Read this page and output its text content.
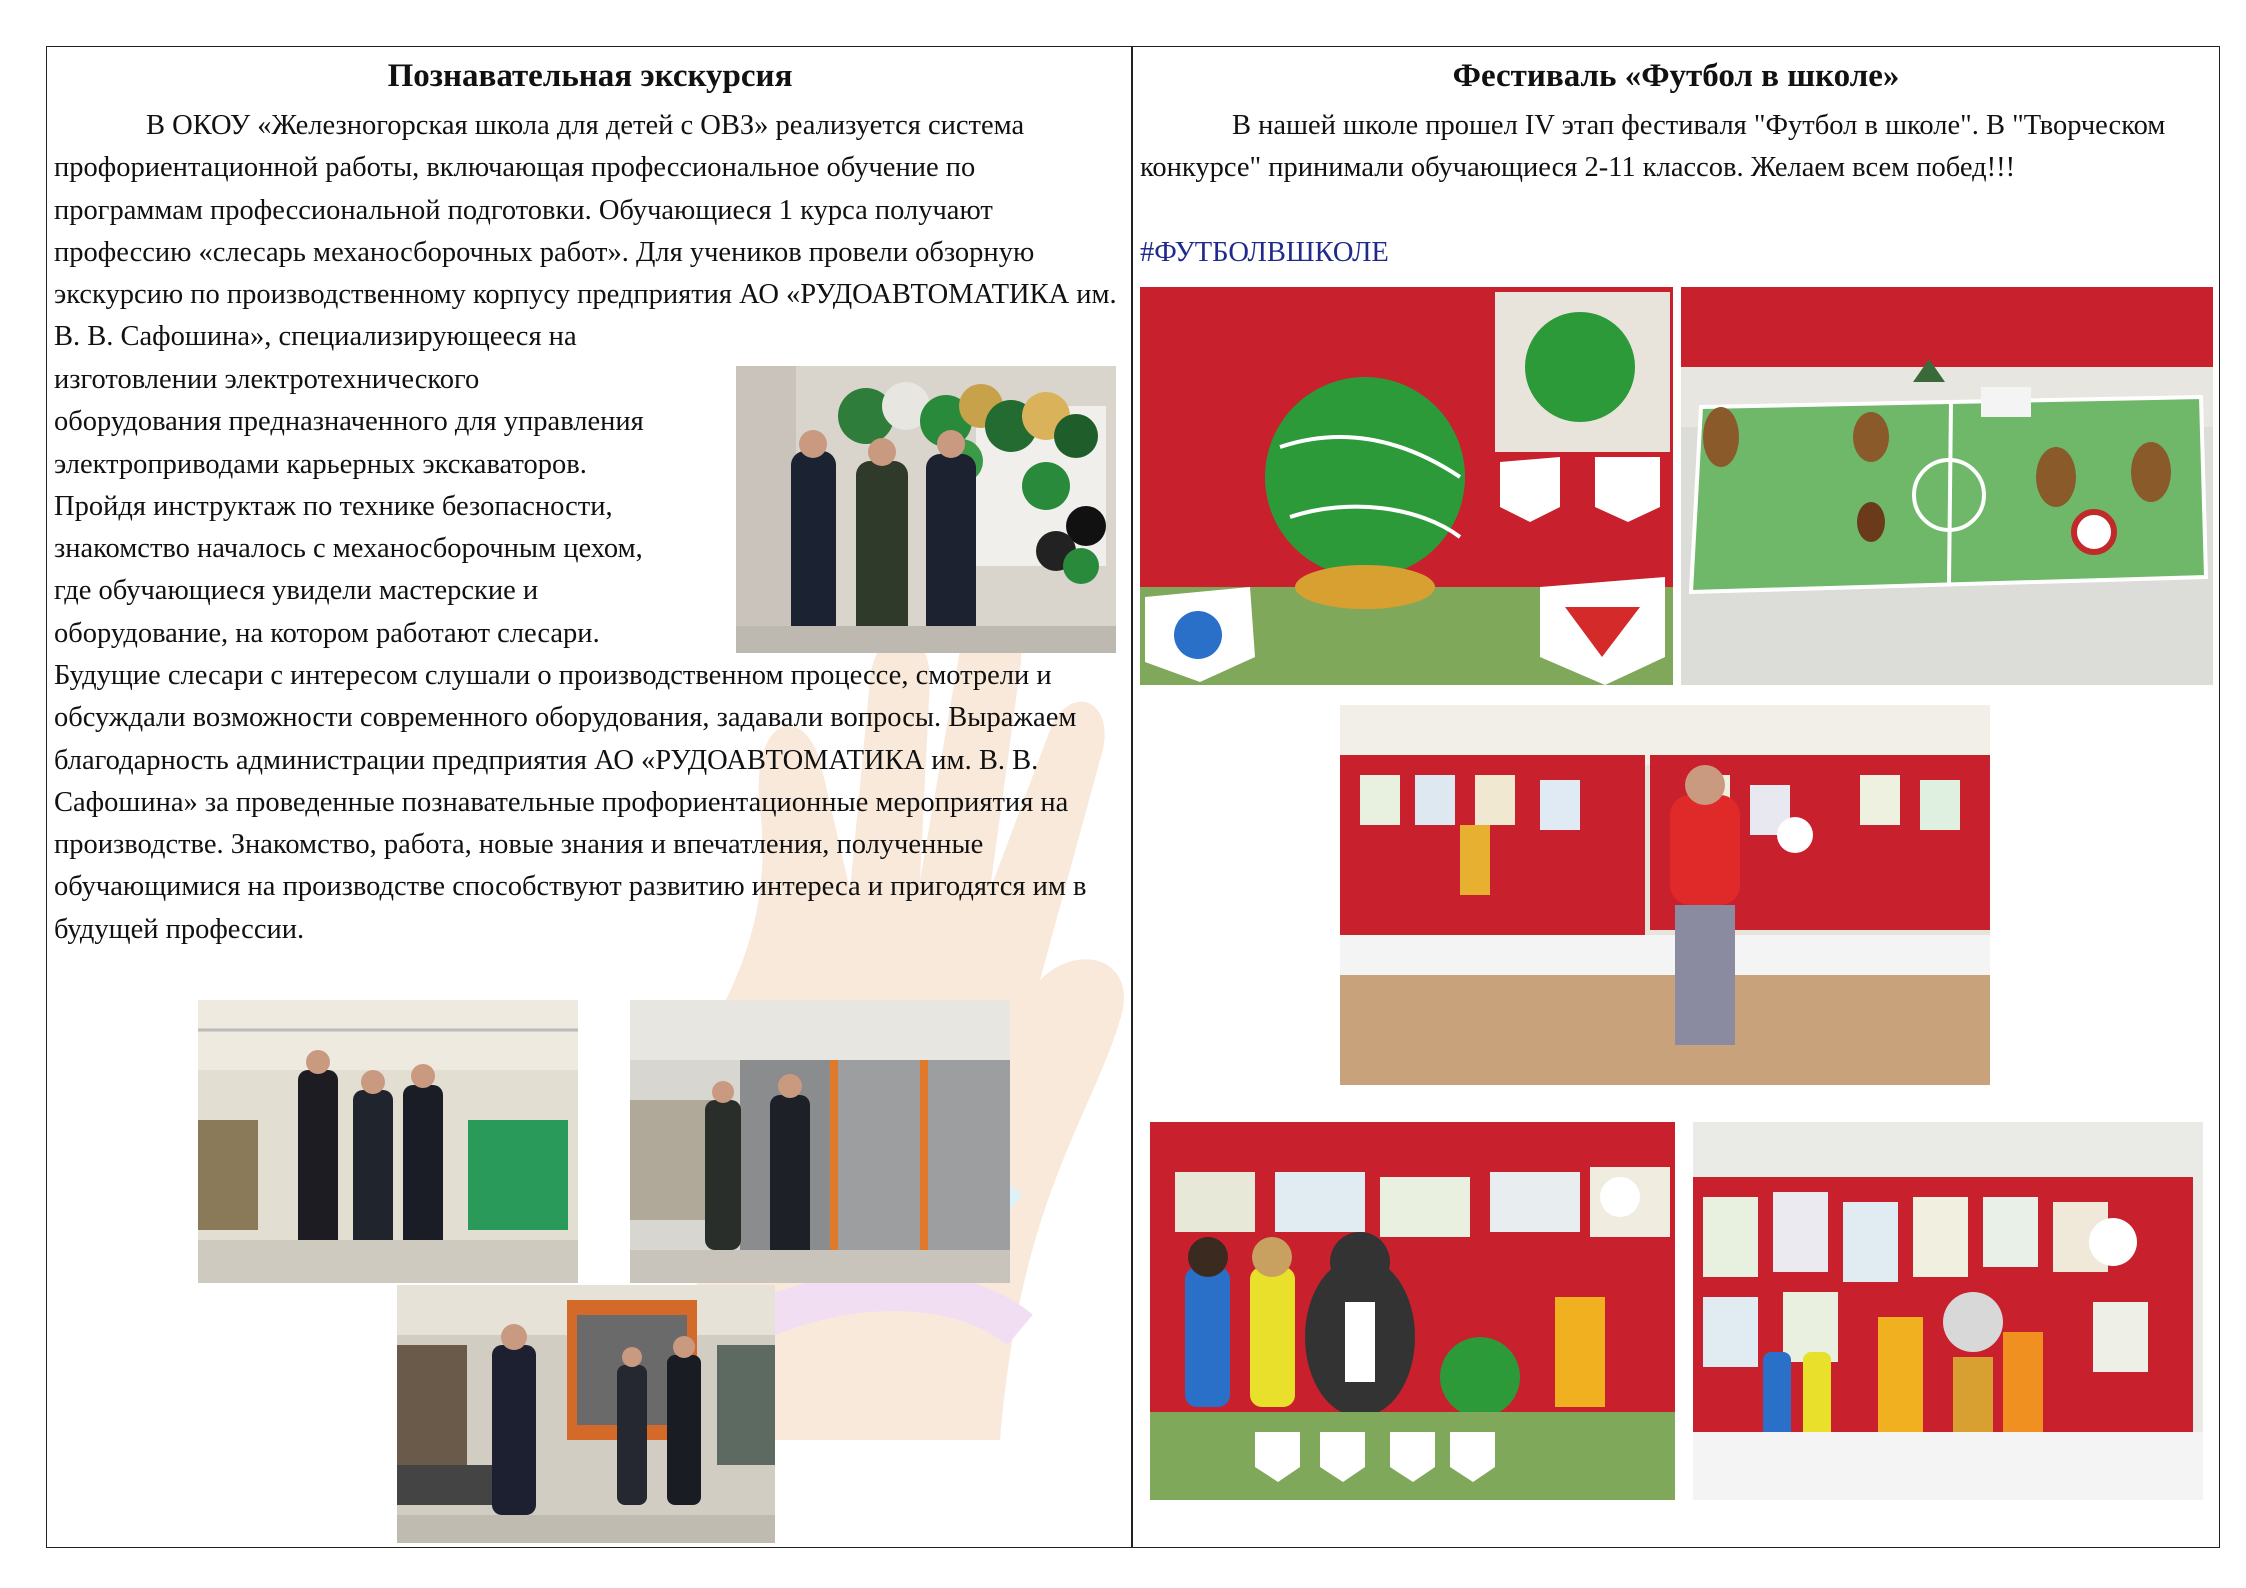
Познавательная экскурсия
В ОКОУ «Железногорская школа для детей с ОВЗ» реализуется система профориентационной работы, включающая профессиональное обучение по программам профессиональной подготовки. Обучающиеся 1 курса получают профессию «слесарь механосборочных работ». Для учеников провели обзорную экскурсию по производственному корпусу предприятия АО «РУДОАВТОМАТИКА им. В. В. Сафошина», специализирующееся на
изготовлении электротехнического
оборудования предназначенного для управления
электроприводами карьерных экскаваторов.
Пройдя инструктаж по технике безопасности,
знакомство началось с механосборочным цехом,
где обучающиеся увидели мастерские и
оборудование, на котором работают слесари.
Будущие слесари с интересом слушали о производственном процессе, смотрели и обсуждали возможности современного оборудования, задавали вопросы. Выражаем благодарность администрации предприятия АО «РУДОАВТОМАТИКА им. В. В. Сафошина» за проведенные познавательные профориентационные мероприятия на производстве. Знакомство, работа, новые знания и впечатления, полученные обучающимися на производстве способствуют развитию интереса и пригодятся им в будущей профессии.
Фестиваль «Футбол в школе»
В нашей школе прошел IV этап фестиваля "Футбол в школе". В "Творческом конкурсе" принимали обучающиеся 2-11 классов. Желаем всем побед!!!
#ФУТБОЛВШКОЛЕ
